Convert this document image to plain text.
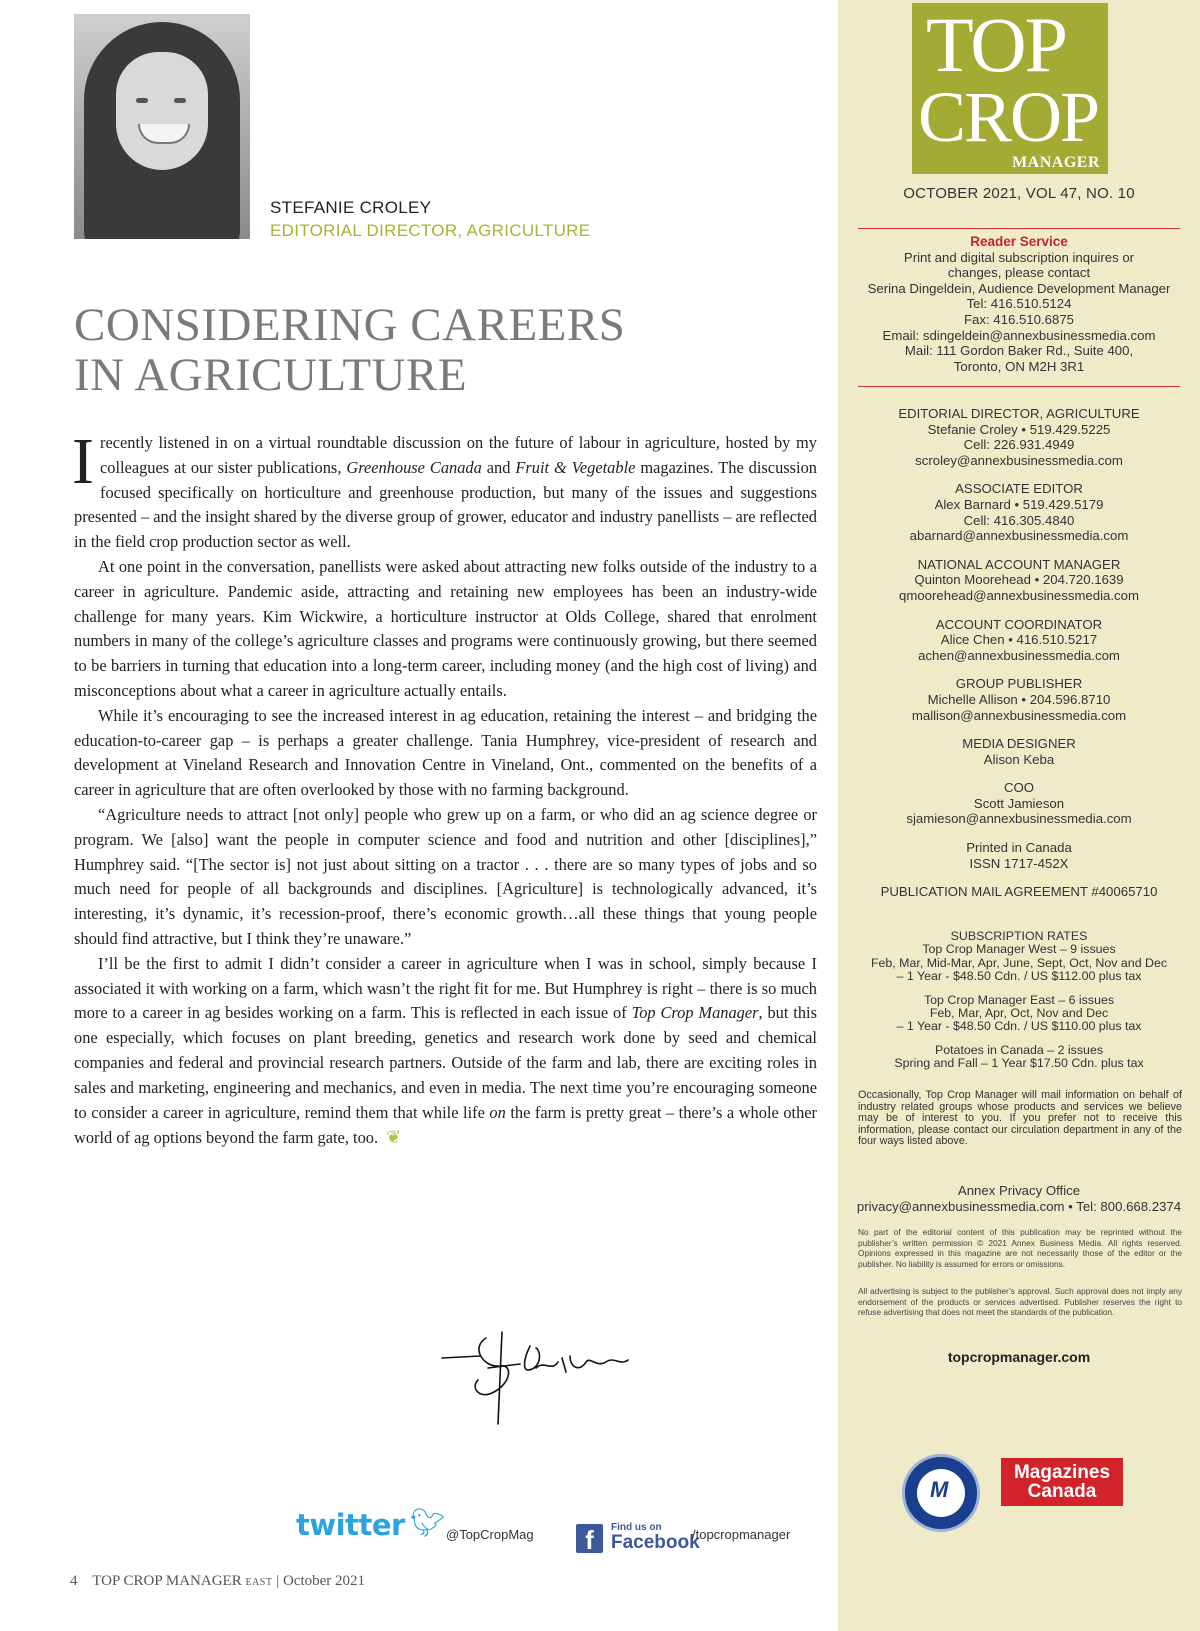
STEFANIE CROLEY
EDITORIAL DIRECTOR, AGRICULTURE
CONSIDERING CAREERS
IN AGRICULTURE

I recently listened in on a virtual roundtable discussion on the future of labour in agriculture, hosted by my colleagues at our sister publications, Greenhouse Canada and Fruit & Vegetable magazines. The discussion focused specifically on horticulture and greenhouse production, but many of the issues and suggestions presented – and the insight shared by the diverse group of grower, educator and industry panellists – are reflected in the field crop production sector as well.

At one point in the conversation, panellists were asked about attracting new folks outside of the industry to a career in agriculture. Pandemic aside, attracting and retaining new employees has been an industry-wide challenge for many years. Kim Wickwire, a horticulture instructor at Olds College, shared that enrolment numbers in many of the college’s agriculture classes and programs were continuously growing, but there seemed to be barriers in turning that education into a long-term career, including money (and the high cost of living) and misconceptions about what a career in agriculture actually entails.

While it’s encouraging to see the increased interest in ag education, retaining the interest – and bridging the education-to-career gap – is perhaps a greater challenge. Tania Humphrey, vice-president of research and development at Vineland Research and Innovation Centre in Vineland, Ont., commented on the benefits of a career in agriculture that are often overlooked by those with no farming background.

“Agriculture needs to attract [not only] people who grew up on a farm, or who did an ag science degree or program. We [also] want the people in computer science and food and nutrition and other [disciplines],” Humphrey said. “[The sector is] not just about sitting on a tractor . . . there are so many types of jobs and so much need for people of all backgrounds and disciplines. [Agriculture] is technologically advanced, it’s interesting, it’s dynamic, it’s recession-proof, there’s economic growth…all these things that young people should find attractive, but I think they’re unaware.”

I’ll be the first to admit I didn’t consider a career in agriculture when I was in school, simply because I associated it with working on a farm, which wasn’t the right fit for me. But Humphrey is right – there is so much more to a career in ag besides working on a farm. This is reflected in each issue of Top Crop Manager, but this one especially, which focuses on plant breeding, genetics and research work done by seed and chemical companies and federal and provincial research partners. Outside of the farm and lab, there are exciting roles in sales and marketing, engineering and mechanics, and even in media. The next time you’re encouraging someone to consider a career in agriculture, remind them that while life on the farm is pretty great – there’s a whole other world of ag options beyond the farm gate, too. ❦

twitter 🐦︎ @TopCropMag	f	Find us on
Facebook
/topcropmanager
4 TOP CROP MANAGER EAST | October 2021
TOP
CROP
MANAGER
OCTOBER 2021, VOL 47, NO. 10
Reader Service
Print and digital subscription inquires or
changes, please contact
Serina Dingeldein, Audience Development Manager
Tel: 416.510.5124
Fax: 416.510.6875
Email: sdingeldein@annexbusinessmedia.com
Mail: 111 Gordon Baker Rd., Suite 400,
Toronto, ON M2H 3R1
EDITORIAL DIRECTOR, AGRICULTURE
Stefanie Croley • 519.429.5225
Cell: 226.931.4949
scroley@annexbusinessmedia.com
ASSOCIATE EDITOR
Alex Barnard • 519.429.5179
Cell: 416.305.4840
abarnard@annexbusinessmedia.com
NATIONAL ACCOUNT MANAGER
Quinton Moorehead • 204.720.1639
qmoorehead@annexbusinessmedia.com
ACCOUNT COORDINATOR
Alice Chen • 416.510.5217
achen@annexbusinessmedia.com
GROUP PUBLISHER
Michelle Allison • 204.596.8710
mallison@annexbusinessmedia.com
MEDIA DESIGNER
Alison Keba
COO
Scott Jamieson
sjamieson@annexbusinessmedia.com
Printed in Canada
ISSN 1717-452X
PUBLICATION MAIL AGREEMENT #40065710
SUBSCRIPTION RATES
Top Crop Manager West – 9 issues
Feb, Mar, Mid-Mar, Apr, June, Sept, Oct, Nov and Dec
– 1 Year - $48.50 Cdn. / US $112.00 plus tax
Top Crop Manager East – 6 issues
Feb, Mar, Apr, Oct, Nov and Dec
– 1 Year - $48.50 Cdn. / US $110.00 plus tax
Potatoes in Canada – 2 issues
Spring and Fall – 1 Year $17.50 Cdn. plus tax
Occasionally, Top Crop Manager will mail information on behalf of industry related groups whose products and services we believe may be of interest to you. If you prefer not to receive this information, please contact our circulation department in any of the four ways listed above.
Annex Privacy Office
privacy@annexbusinessmedia.com • Tel: 800.668.2374
No part of the editorial content of this publication may be reprinted without the publisher’s written permission © 2021 Annex Business Media. All rights reserved. Opinions expressed in this magazine are not necessarily those of the editor or the publisher. No liability is assumed for errors or omissions.
All advertising is subject to the publisher’s approval. Such approval does not imply any endorsement of the products or services advertised. Publisher reserves the right to refuse advertising that does not meet the standards of the publication.
topcropmanager.com
M
Magazines
Canada
